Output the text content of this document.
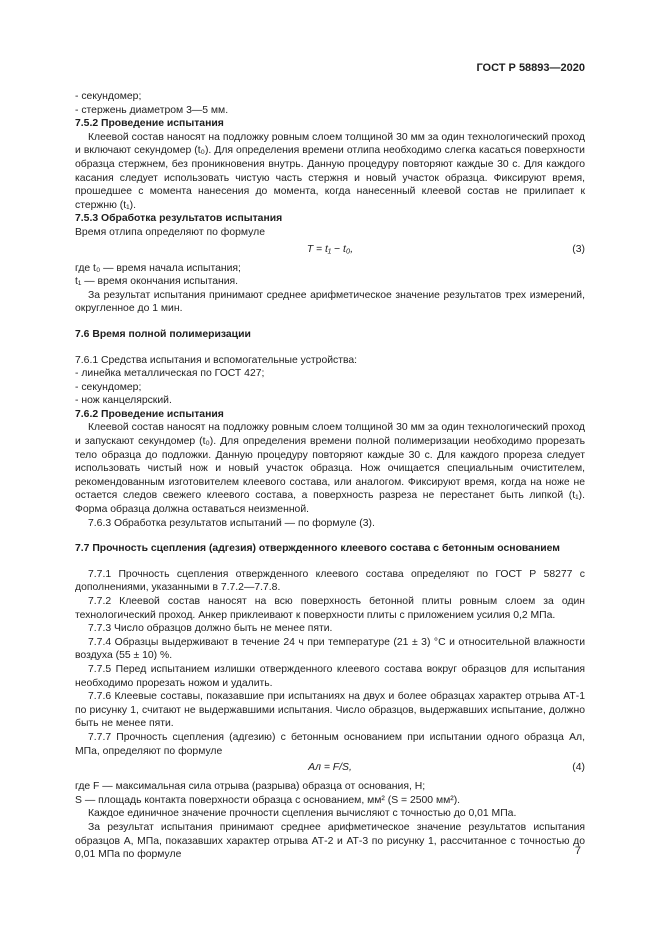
ГОСТ Р 58893—2020

- секундомер;

- стержень диаметром 3—5 мм.

7.5.2 Проведение испытания

Клеевой состав наносят на подложку ровным слоем толщиной 30 мм за один технологический проход и включают секундомер (t₀). Для определения времени отлипа необходимо слегка касаться поверхности образца стержнем, без проникновения внутрь. Данную процедуру повторяют каждые 30 с. Для каждого касания следует использовать чистую часть стержня и новый участок образца. Фиксируют время, прошедшее с момента нанесения до момента, когда нанесенный клеевой состав не прилипает к стержню (t₁).

7.5.3 Обработка результатов испытания

Время отлипа определяют по формуле

T = t₁ − t₀,	(3)

где t₀ — время начала испытания;

t₁ — время окончания испытания.

За результат испытания принимают среднее арифметическое значение результатов трех измерений, округленное до 1 мин.

7.6 Время полной полимеризации

7.6.1 Средства испытания и вспомогательные устройства:

- линейка металлическая по ГОСТ 427;

- секундомер;

- нож канцелярский.

7.6.2 Проведение испытания

Клеевой состав наносят на подложку ровным слоем толщиной 30 мм за один технологический проход и запускают секундомер (t₀). Для определения времени полной полимеризации необходимо прорезать тело образца до подложки. Данную процедуру повторяют каждые 30 с. Для каждого прореза следует использовать чистый нож и новый участок образца. Нож очищается специальным очистителем, рекомендованным изготовителем клеевого состава, или аналогом. Фиксируют время, когда на ноже не остается следов свежего клеевого состава, а поверхность разреза не перестанет быть липкой (t₁). Форма образца должна оставаться неизменной.

7.6.3 Обработка результатов испытаний — по формуле (3).

7.7 Прочность сцепления (адгезия) отвержденного клеевого состава с бетонным основанием

7.7.1 Прочность сцепления отвержденного клеевого состава определяют по ГОСТ Р 58277 с дополнениями, указанными в 7.7.2—7.7.8.

7.7.2 Клеевой состав наносят на всю поверхность бетонной плиты ровным слоем за один технологический проход. Анкер приклеивают к поверхности плиты с приложением усилия 0,2 МПа.

7.7.3 Число образцов должно быть не менее пяти.

7.7.4 Образцы выдерживают в течение 24 ч при температуре (21 ± 3) °С и относительной влажности воздуха (55 ± 10) %.

7.7.5 Перед испытанием излишки отвержденного клеевого состава вокруг образцов для испытания необходимо прорезать ножом и удалить.

7.7.6 Клеевые составы, показавшие при испытаниях на двух и более образцах характер отрыва АТ-1 по рисунку 1, считают не выдержавшими испытания. Число образцов, выдержавших испытание, должно быть не менее пяти.

7.7.7 Прочность сцепления (адгезию) с бетонным основанием при испытании одного образца Aл, МПа, определяют по формуле

Aл = F/S,	(4)

где F — максимальная сила отрыва (разрыва) образца от основания, Н;

S — площадь контакта поверхности образца с основанием, мм² (S = 2500 мм²).

Каждое единичное значение прочности сцепления вычисляют с точностью до 0,01 МПа.

За результат испытания принимают среднее арифметическое значение результатов испытания образцов A, МПа, показавших характер отрыва АТ-2 и АТ-3 по рисунку 1, рассчитанное с точностью до 0,01 МПа по формуле	7
